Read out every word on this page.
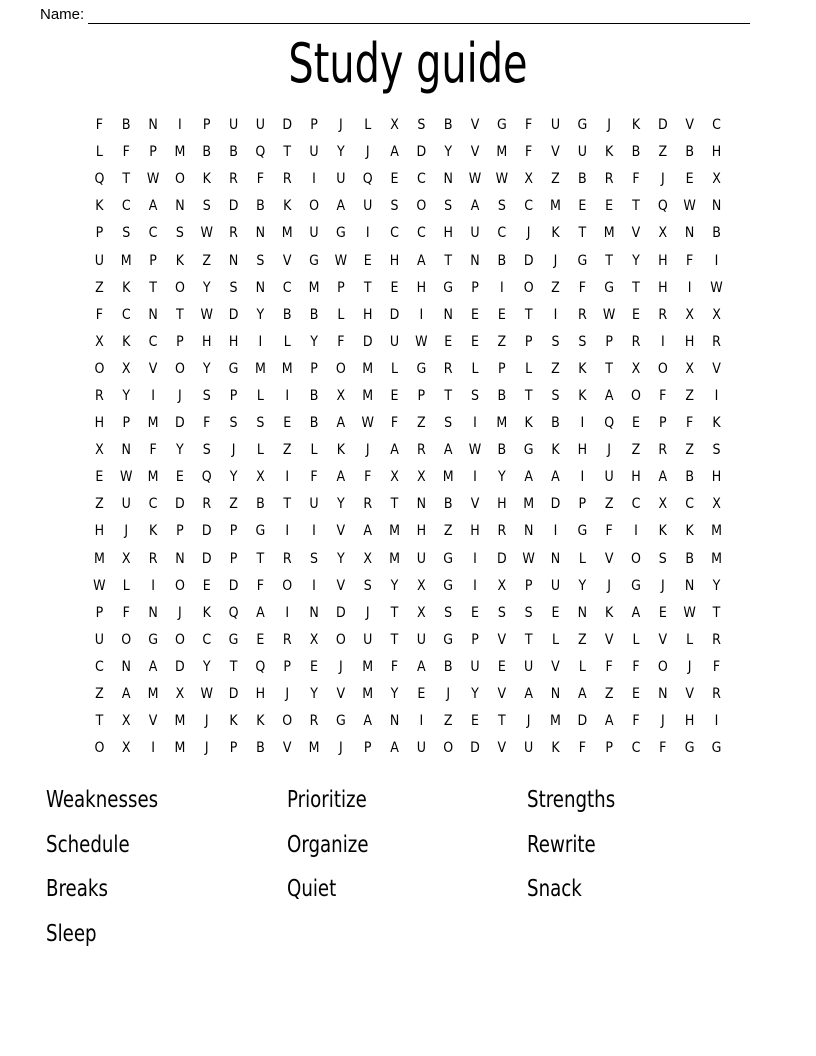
Name:
Study guide
F	B	N	I	P	U	U	D	P	J	L	X	S	B	V	G	F	U	G	J	K	D	V	C
L	F	P	M	B	B	Q	T	U	Y	J	A	D	Y	V	M	F	V	U	K	B	Z	B	H
Q	T	W	O	K	R	F	R	I	U	Q	E	C	N	W	W	X	Z	B	R	F	J	E	X
K	C	A	N	S	D	B	K	O	A	U	S	O	S	A	S	C	M	E	E	T	Q	W	N
P	S	C	S	W	R	N	M	U	G	I	C	C	H	U	C	J	K	T	M	V	X	N	B
U	M	P	K	Z	N	S	V	G	W	E	H	A	T	N	B	D	J	G	T	Y	H	F	I
Z	K	T	O	Y	S	N	C	M	P	T	E	H	G	P	I	O	Z	F	G	T	H	I	W
F	C	N	T	W	D	Y	B	B	L	H	D	I	N	E	E	T	I	R	W	E	R	X	X
X	K	C	P	H	H	I	L	Y	F	D	U	W	E	E	Z	P	S	S	P	R	I	H	R
O	X	V	O	Y	G	M	M	P	O	M	L	G	R	L	P	L	Z	K	T	X	O	X	V
R	Y	I	J	S	P	L	I	B	X	M	E	P	T	S	B	T	S	K	A	O	F	Z	I
H	P	M	D	F	S	S	E	B	A	W	F	Z	S	I	M	K	B	I	Q	E	P	F	K
X	N	F	Y	S	J	L	Z	L	K	J	A	R	A	W	B	G	K	H	J	Z	R	Z	S
E	W	M	E	Q	Y	X	I	F	A	F	X	X	M	I	Y	A	A	I	U	H	A	B	H
Z	U	C	D	R	Z	B	T	U	Y	R	T	N	B	V	H	M	D	P	Z	C	X	C	X
H	J	K	P	D	P	G	I	I	V	A	M	H	Z	H	R	N	I	G	F	I	K	K	M
M	X	R	N	D	P	T	R	S	Y	X	M	U	G	I	D	W	N	L	V	O	S	B	M
W	L	I	O	E	D	F	O	I	V	S	Y	X	G	I	X	P	U	Y	J	G	J	N	Y
P	F	N	J	K	Q	A	I	N	D	J	T	X	S	E	S	S	E	N	K	A	E	W	T
U	O	G	O	C	G	E	R	X	O	U	T	U	G	P	V	T	L	Z	V	L	V	L	R
C	N	A	D	Y	T	Q	P	E	J	M	F	A	B	U	E	U	V	L	F	F	O	J	F
Z	A	M	X	W	D	H	J	Y	V	M	Y	E	J	Y	V	A	N	A	Z	E	N	V	R
T	X	V	M	J	K	K	O	R	G	A	N	I	Z	E	T	J	M	D	A	F	J	H	I
O	X	I	M	J	P	B	V	M	J	P	A	U	O	D	V	U	K	F	P	C	F	G	G
Weaknesses
Schedule
Breaks
Sleep
Prioritize
Organize
Quiet
Strengths
Rewrite
Snack
